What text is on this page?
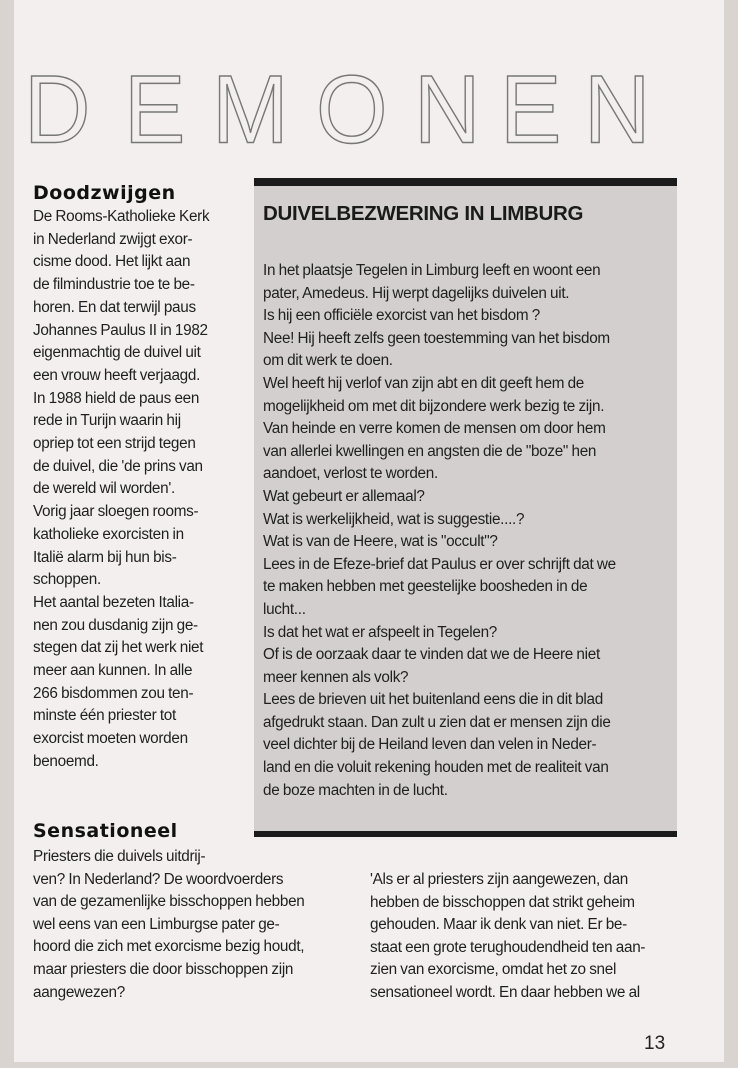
D E M O N E N
Doodzwijgen

De Rooms-Katholieke Kerk

in Nederland zwijgt exor-

cisme dood. Het lijkt aan

de filmindustrie toe te be-

horen. En dat terwijl paus

Johannes Paulus II in 1982

eigenmachtig de duivel uit

een vrouw heeft verjaagd.

In 1988 hield de paus een

rede in Turijn waarin hij

opriep tot een strijd tegen

de duivel, die 'de prins van

de wereld wil worden'.

Vorig jaar sloegen rooms-

katholieke exorcisten in

Italië alarm bij hun bis-

schoppen.

Het aantal bezeten Italia-

nen zou dusdanig zijn ge-

stegen dat zij het werk niet

meer aan kunnen. In alle

266 bisdommen zou ten-

minste één priester tot

exorcist moeten worden

benoemd.

DUIVELBEZWERING IN LIMBURG

In het plaatsje Tegelen in Limburg leeft en woont een

pater, Amedeus. Hij werpt dagelijks duivelen uit.

Is hij een officiële exorcist van het bisdom ?

Nee! Hij heeft zelfs geen toestemming van het bisdom

om dit werk te doen.

Wel heeft hij verlof van zijn abt en dit geeft hem de

mogelijkheid om met dit bijzondere werk bezig te zijn.

Van heinde en verre komen de mensen om door hem

van allerlei kwellingen en angsten die de "boze" hen

aandoet, verlost te worden.

Wat gebeurt er allemaal?

Wat is werkelijkheid, wat is suggestie....?

Wat is van de Heere, wat is "occult"?

Lees in de Efeze-brief dat Paulus er over schrijft dat we

te maken hebben met geestelijke boosheden in de

lucht...

Is dat het wat er afspeelt in Tegelen?

Of is de oorzaak daar te vinden dat we de Heere niet

meer kennen als volk?

Lees de brieven uit het buitenland eens die in dit blad

afgedrukt staan. Dan zult u zien dat er mensen zijn die

veel dichter bij de Heiland leven dan velen in Neder-

land en die voluit rekening houden met de realiteit van

de boze machten in de lucht.

Sensationeel

Priesters die duivels uitdrij-

ven? In Nederland? De woordvoerders

van de gezamenlijke bisschoppen hebben

wel eens van een Limburgse pater ge-

hoord die zich met exorcisme bezig houdt,

maar priesters die door bisschoppen zijn

aangewezen?

'Als er al priesters zijn aangewezen, dan

hebben de bisschoppen dat strikt geheim

gehouden. Maar ik denk van niet. Er be-

staat een grote terughoudendheid ten aan-

zien van exorcisme, omdat het zo snel

sensationeel wordt. En daar hebben we al

13
